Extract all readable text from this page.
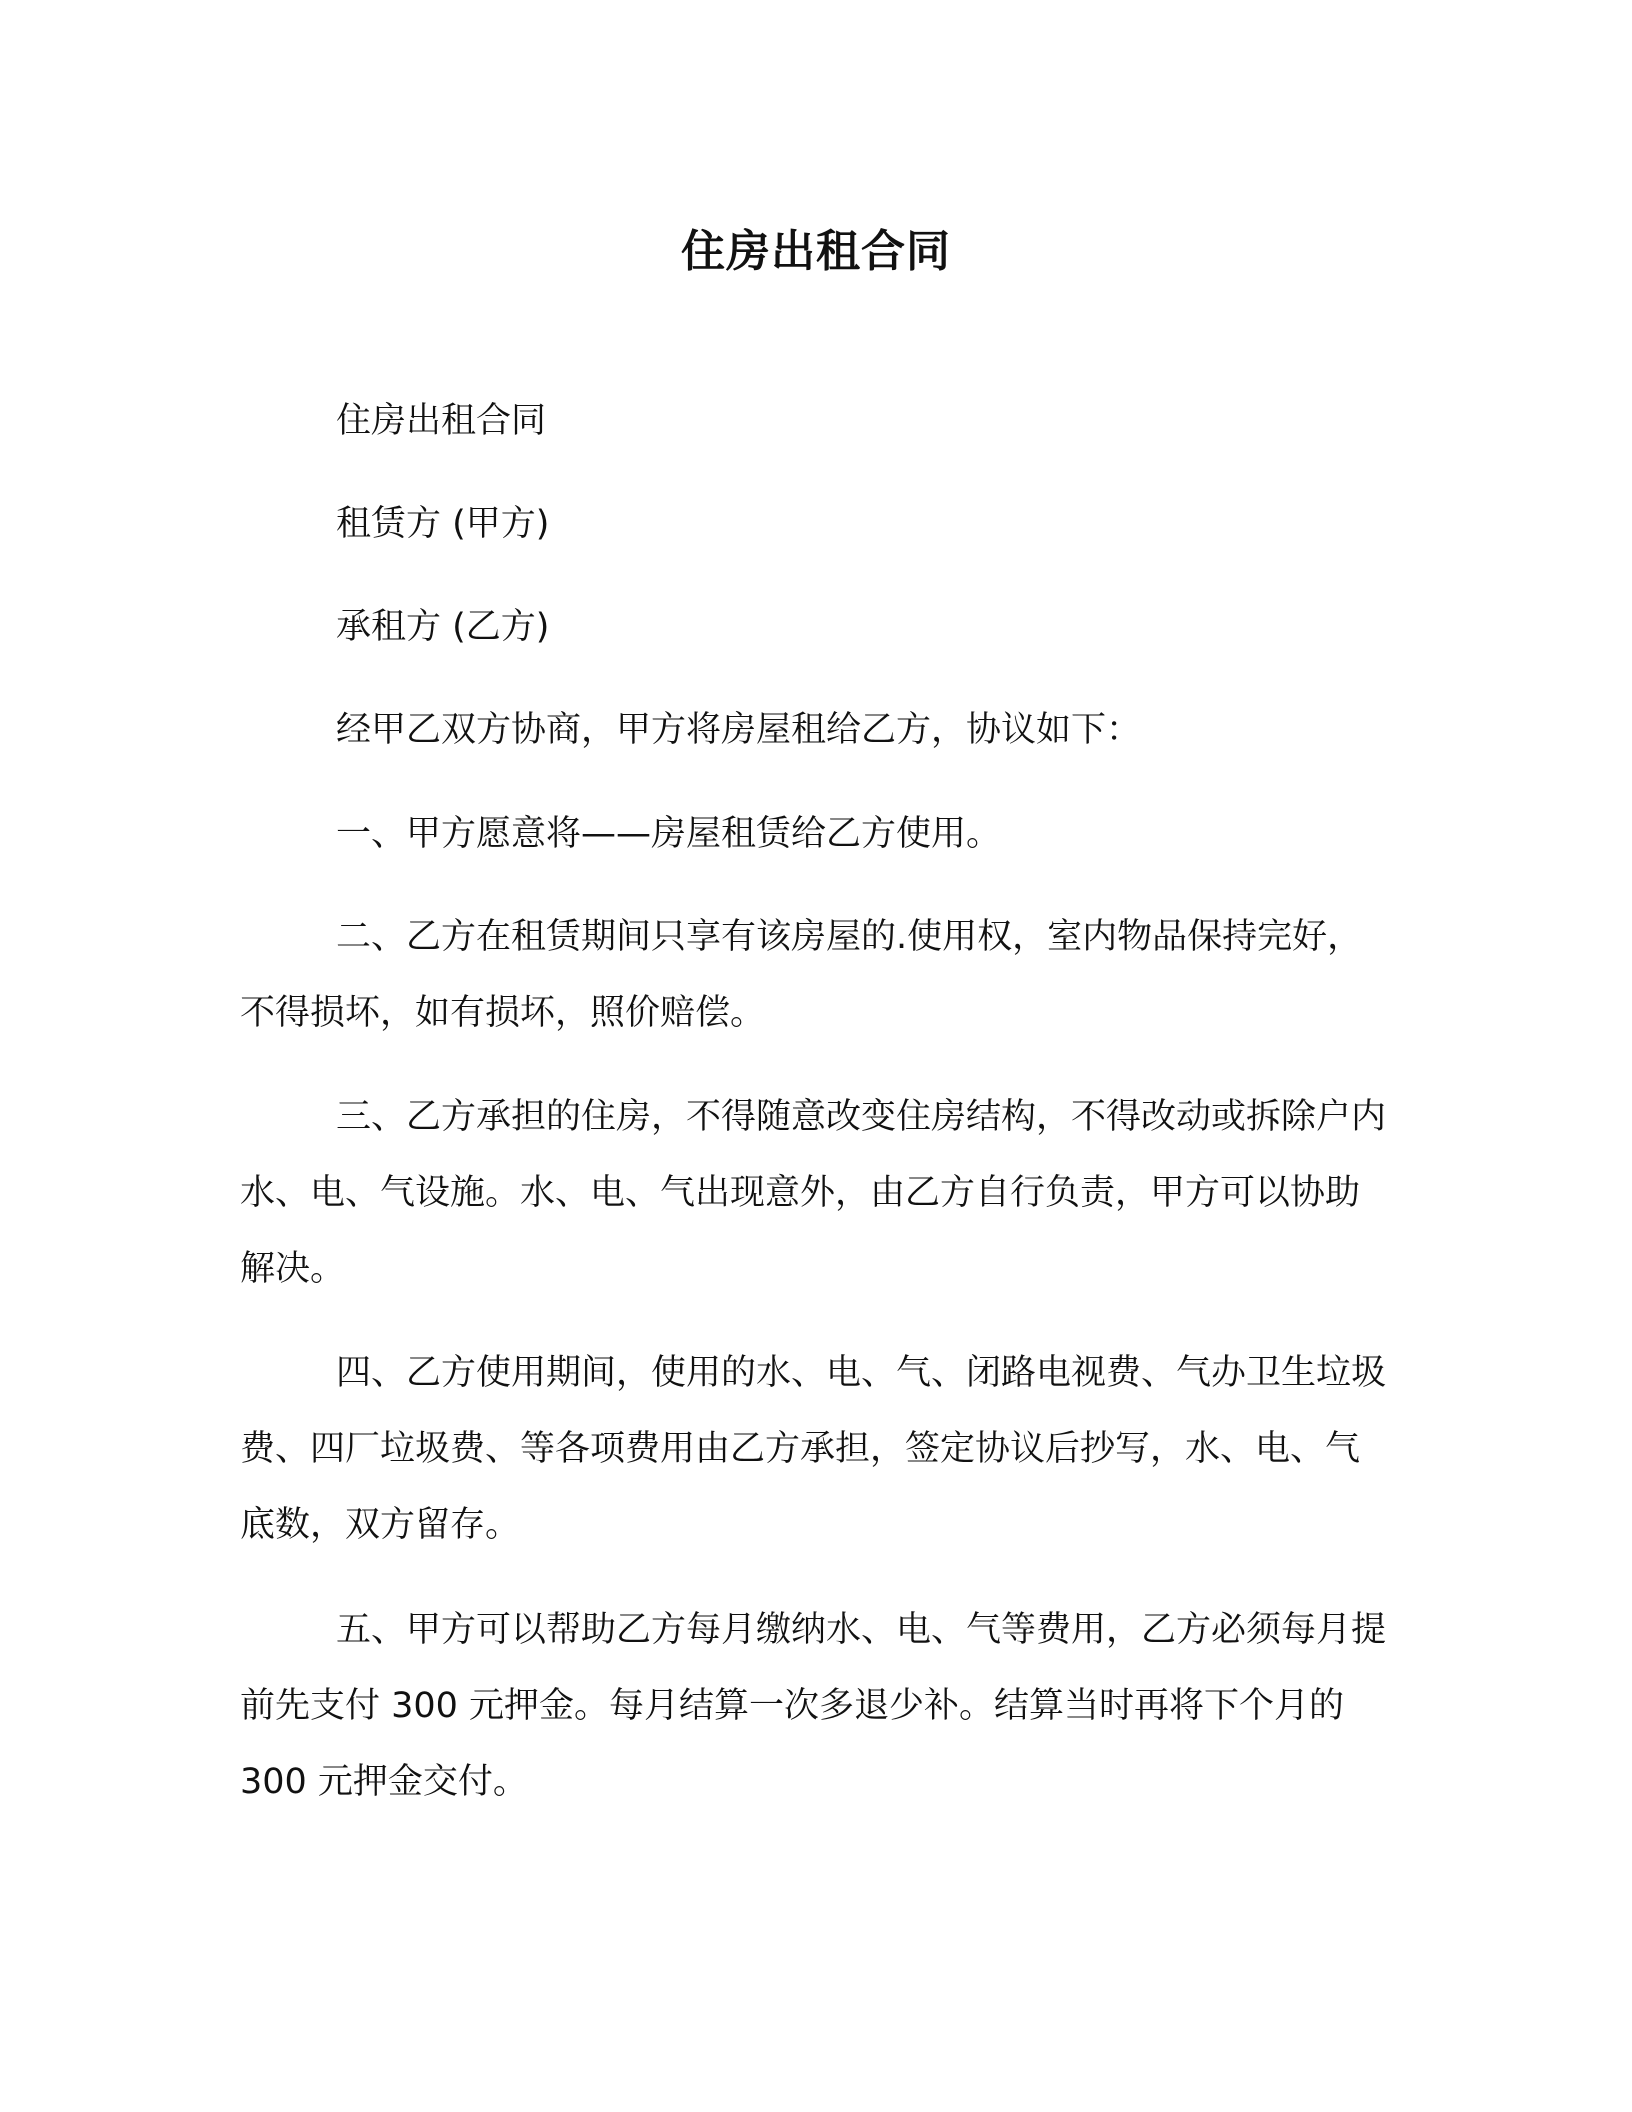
住房出租合同
住房出租合同
租赁方 (甲方)
承租方 (乙方)
经甲乙双方协商，甲方将房屋租给乙方，协议如下：
一、甲方愿意将——房屋租赁给乙方使用。
二、乙方在租赁期间只享有该房屋的.使用权，室内物品保持完好，不得损坏，如有损坏，照价赔偿。
三、乙方承担的住房，不得随意改变住房结构，不得改动或拆除户内水、电、气设施。水、电、气出现意外，由乙方自行负责，甲方可以协助解决。
四、乙方使用期间，使用的水、电、气、闭路电视费、气办卫生垃圾费、四厂垃圾费、等各项费用由乙方承担，签定协议后抄写，水、电、气底数，双方留存。
五、甲方可以帮助乙方每月缴纳水、电、气等费用，乙方必须每月提前先支付 300 元押金。每月结算一次多退少补。结算当时再将下个月的 300 元押金交付。
